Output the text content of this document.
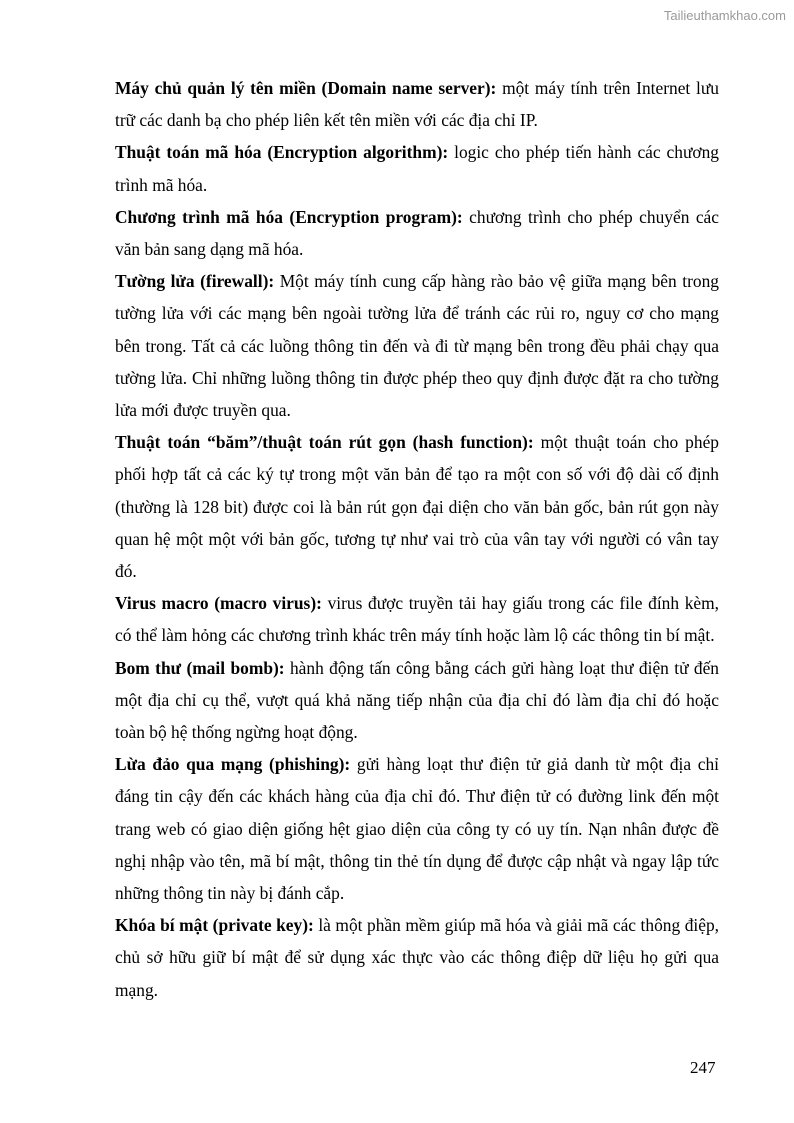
Tailieuthamkhao.com

Máy chủ quản lý tên miền (Domain name server): một máy tính trên Internet lưu trữ các danh bạ cho phép liên kết tên miền với các địa chỉ IP.

Thuật toán mã hóa (Encryption algorithm): logic cho phép tiến hành các chương trình mã hóa.

Chương trình mã hóa (Encryption program): chương trình cho phép chuyển các văn bản sang dạng mã hóa.

Tường lửa (firewall): Một máy tính cung cấp hàng rào bảo vệ giữa mạng bên trong tường lửa với các mạng bên ngoài tường lửa để tránh các rủi ro, nguy cơ cho mạng bên trong. Tất cả các luồng thông tin đến và đi từ mạng bên trong đều phải chạy qua tường lửa. Chỉ những luồng thông tin được phép theo quy định được đặt ra cho tường lửa mới được truyền qua.

Thuật toán “băm”/thuật toán rút gọn (hash function): một thuật toán cho phép phối hợp tất cả các ký tự trong một văn bản để tạo ra một con số với độ dài cố định (thường là 128 bit) được coi là bản rút gọn đại diện cho văn bản gốc, bản rút gọn này quan hệ một một với bản gốc, tương tự như vai trò của vân tay với người có vân tay đó.

Virus macro (macro virus): virus được truyền tải hay giấu trong các file đính kèm, có thể làm hỏng các chương trình khác trên máy tính hoặc làm lộ các thông tin bí mật.

Bom thư (mail bomb): hành động tấn công bằng cách gửi hàng loạt thư điện tử đến một địa chỉ cụ thể, vượt quá khả năng tiếp nhận của địa chỉ đó làm địa chỉ đó hoặc toàn bộ hệ thống ngừng hoạt động.

Lừa đảo qua mạng (phishing): gửi hàng loạt thư điện tử giả danh từ một địa chỉ đáng tin cậy đến các khách hàng của địa chỉ đó. Thư điện tử có đường link đến một trang web có giao diện giống hệt giao diện của công ty có uy tín. Nạn nhân được đề nghị nhập vào tên, mã bí mật, thông tin thẻ tín dụng để được cập nhật và ngay lập tức những thông tin này bị đánh cắp.

Khóa bí mật (private key): là một phần mềm giúp mã hóa và giải mã các thông điệp, chủ sở hữu giữ bí mật để sử dụng xác thực vào các thông điệp dữ liệu họ gửi qua mạng.

247
